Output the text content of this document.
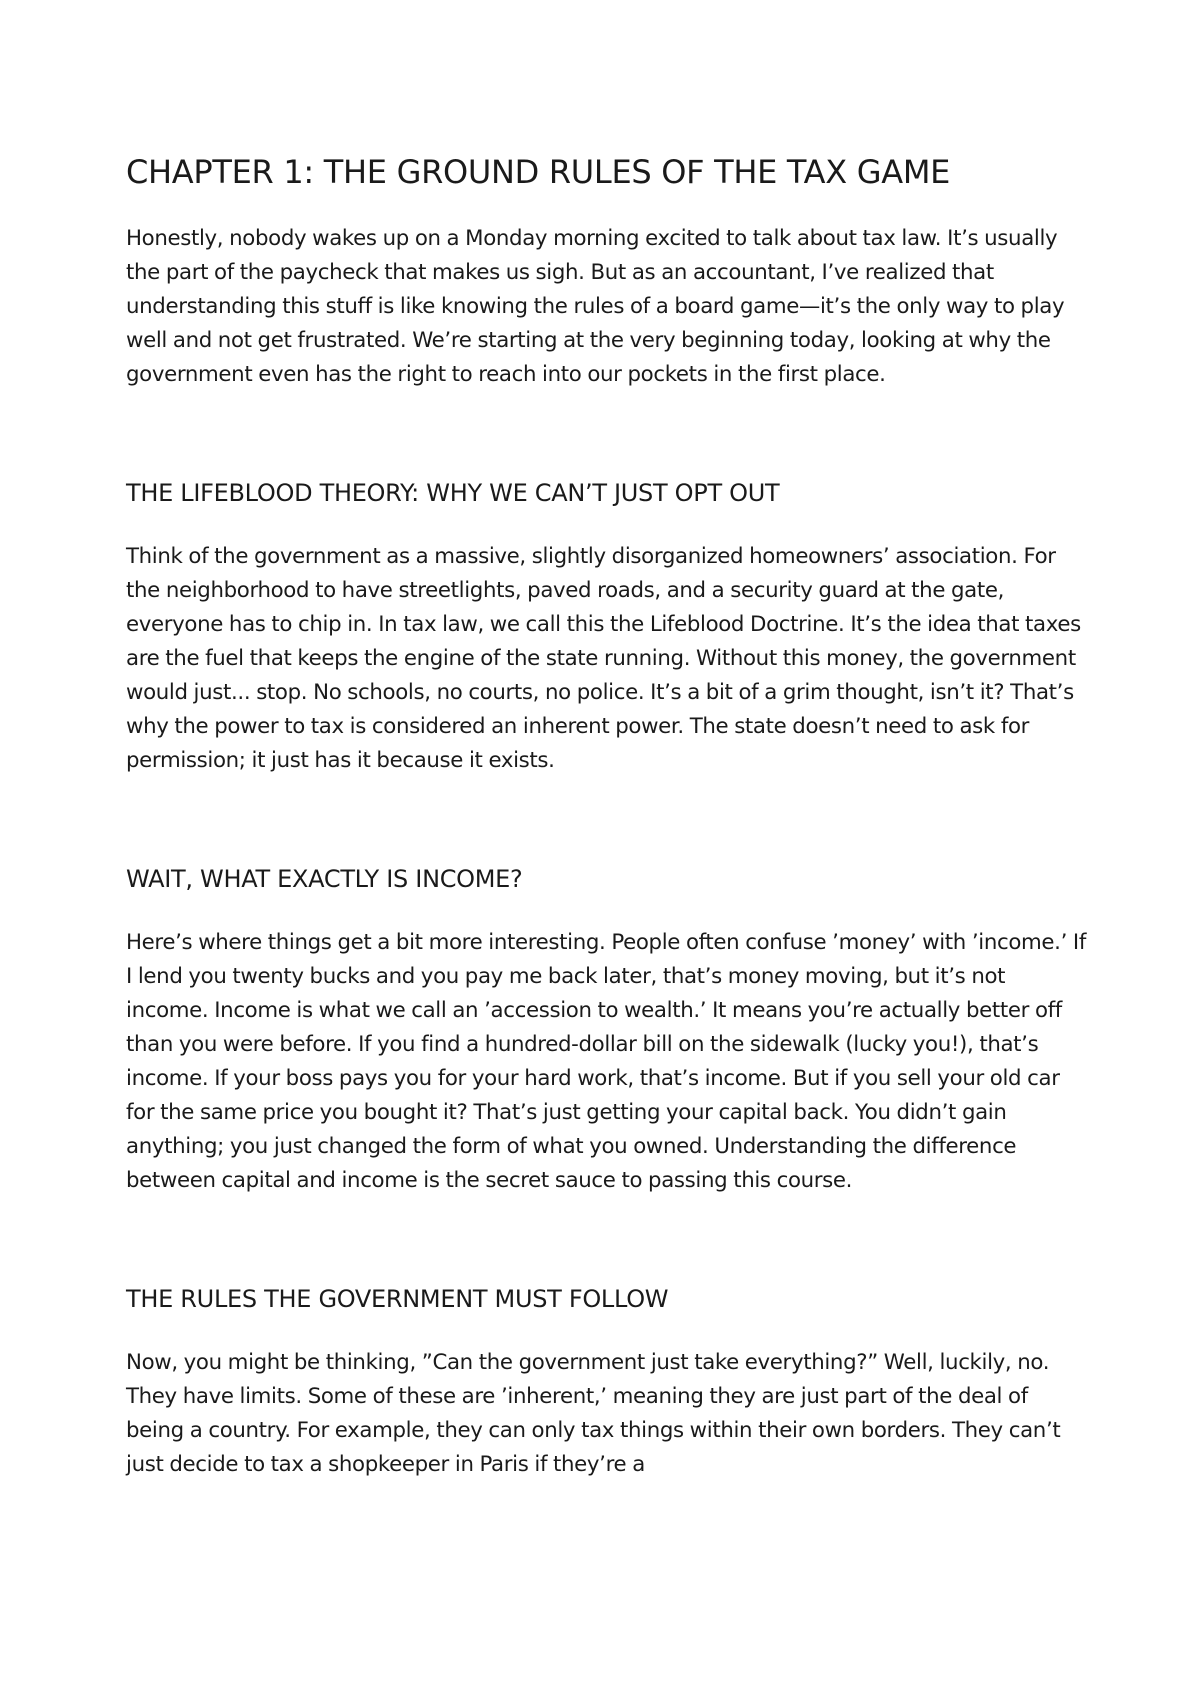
CHAPTER 1: THE GROUND RULES OF THE TAX GAME

Honestly, nobody wakes up on a Monday morning excited to talk about tax law. It’s usually the part of the paycheck that makes us sigh. But as an accountant, I’ve realized that understanding this stuff is like knowing the rules of a board game—it’s the only way to play well and not get frustrated. We’re starting at the very beginning today, looking at why the government even has the right to reach into our pockets in the first place.

THE LIFEBLOOD THEORY: WHY WE CAN’T JUST OPT OUT

Think of the government as a massive, slightly disorganized homeowners’ association. For the neighborhood to have streetlights, paved roads, and a security guard at the gate, everyone has to chip in. In tax law, we call this the Lifeblood Doctrine. It’s the idea that taxes are the fuel that keeps the engine of the state running. Without this money, the government would just... stop. No schools, no courts, no police. It’s a bit of a grim thought, isn’t it? That’s why the power to tax is considered an inherent power. The state doesn’t need to ask for permission; it just has it because it exists.

WAIT, WHAT EXACTLY IS INCOME?

Here’s where things get a bit more interesting. People often confuse ’money’ with ’income.’ If I lend you twenty bucks and you pay me back later, that’s money moving, but it’s not income. Income is what we call an ’accession to wealth.’ It means you’re actually better off than you were before. If you find a hundred-dollar bill on the sidewalk (lucky you!), that’s income. If your boss pays you for your hard work, that’s income. But if you sell your old car for the same price you bought it? That’s just getting your capital back. You didn’t gain anything; you just changed the form of what you owned. Understanding the difference between capital and income is the secret sauce to passing this course.

THE RULES THE GOVERNMENT MUST FOLLOW

Now, you might be thinking, ”Can the government just take everything?” Well, luckily, no. They have limits. Some of these are ’inherent,’ meaning they are just part of the deal of being a country. For example, they can only tax things within their own borders. They can’t just decide to tax a shopkeeper in Paris if they’re a
